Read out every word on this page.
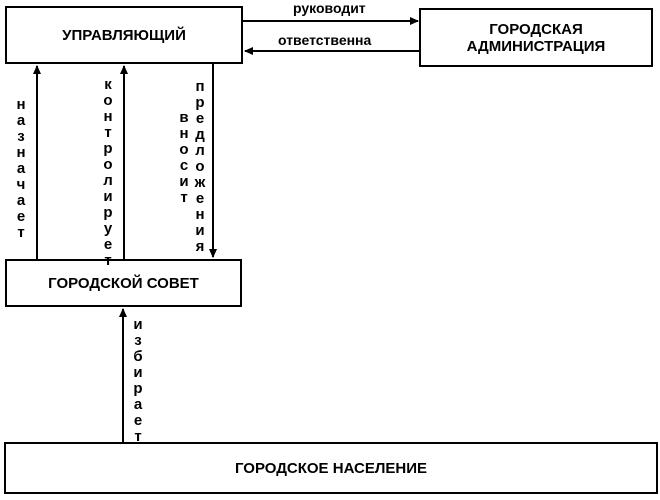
УПРАВЛЯЮЩИЙ	ГОРОДСКАЯ
АДМИНИСТРАЦИЯ
ГОРОДСКОЙ СОВЕТ
ГОРОДСКОЕ НАСЕЛЕНИЕ
руководит
ответственна
назначает
контролирует
вносит
предложения
избирает
